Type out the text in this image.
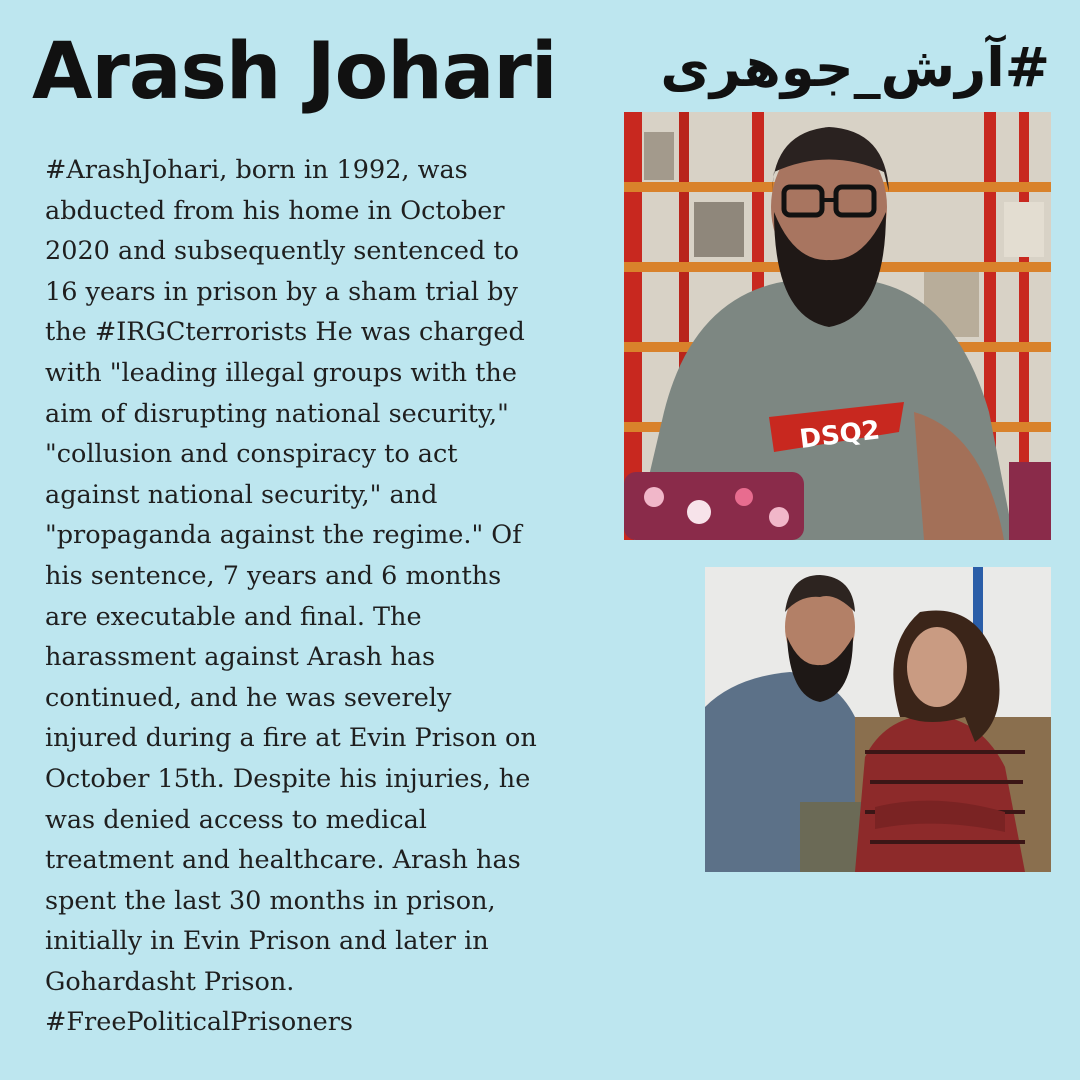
Arash Johari	#آرش_جوهری
#ArashJohari, born in 1992, was
abducted from his home in October
2020 and subsequently sentenced to
16 years in prison by a sham trial by
the #IRGCterrorists He was charged
with "leading illegal groups with the
aim of disrupting national security,"
"collusion and conspiracy to act
against national security," and
"propaganda against the regime." Of
his sentence, 7 years and 6 months
are executable and final. The
harassment against Arash has
continued, and he was severely
injured during a fire at Evin Prison on
October 15th. Despite his injuries, he
was denied access to medical
treatment and healthcare. Arash has
spent the last 30 months in prison,
initially in Evin Prison and later in
Gohardasht Prison.
#FreePoliticalPrisoners
DSQ2
